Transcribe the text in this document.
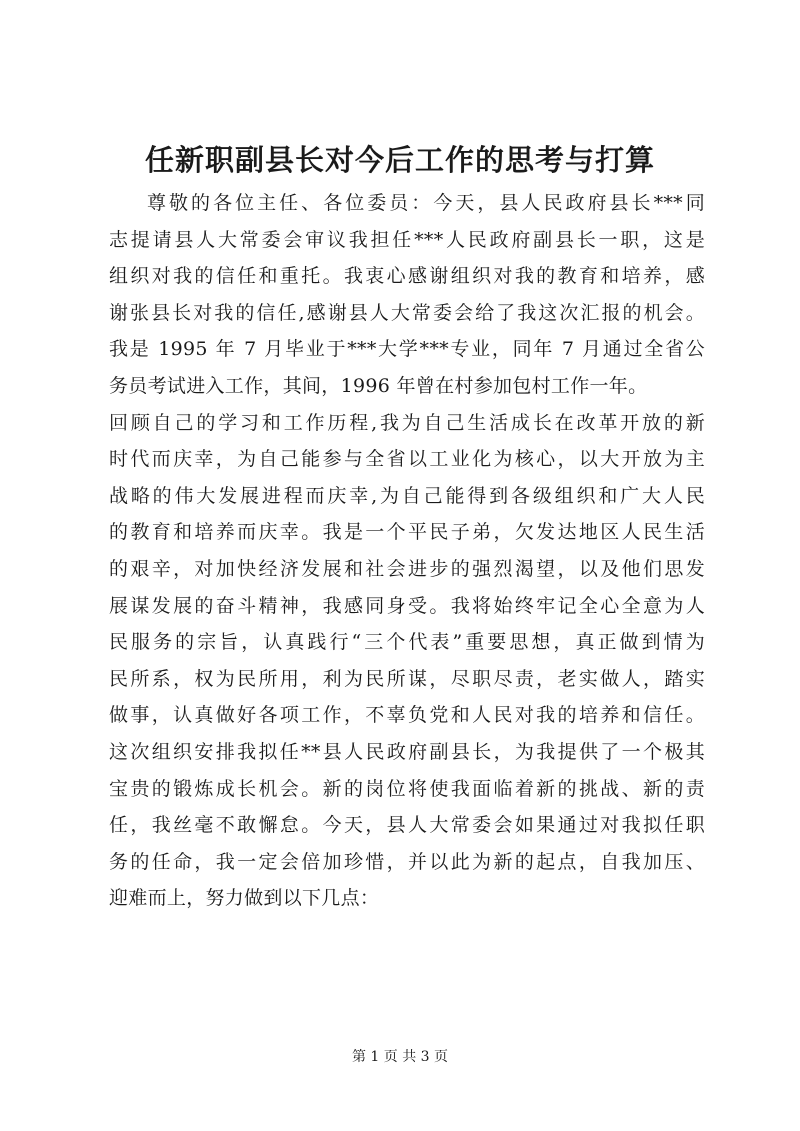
任新职副县长对今后工作的思考与打算
尊敬的各位主任、各位委员：今天，县人民政府县长***同
志提请县人大常委会审议我担任***人民政府副县长一职，这是
组织对我的信任和重托。我衷心感谢组织对我的教育和培养，感
谢张县长对我的信任,感谢县人大常委会给了我这次汇报的机会。
我是 1995 年 7 月毕业于***大学***专业，同年 7 月通过全省公
务员考试进入工作，其间，1996 年曾在村参加包村工作一年。
回顾自己的学习和工作历程,我为自己生活成长在改革开放的新
时代而庆幸，为自己能参与全省以工业化为核心，以大开放为主
战略的伟大发展进程而庆幸,为自己能得到各级组织和广大人民
的教育和培养而庆幸。我是一个平民子弟，欠发达地区人民生活
的艰辛，对加快经济发展和社会进步的强烈渴望，以及他们思发
展谋发展的奋斗精神，我感同身受。我将始终牢记全心全意为人
民服务的宗旨，认真践行“三个代表”重要思想，真正做到情为
民所系，权为民所用，利为民所谋，尽职尽责，老实做人，踏实
做事，认真做好各项工作，不辜负党和人民对我的培养和信任。
这次组织安排我拟任**县人民政府副县长，为我提供了一个极其
宝贵的锻炼成长机会。新的岗位将使我面临着新的挑战、新的责
任，我丝毫不敢懈怠。今天，县人大常委会如果通过对我拟任职
务的任命，我一定会倍加珍惜，并以此为新的起点，自我加压、
迎难而上，努力做到以下几点：
第 1 页 共 3 页
